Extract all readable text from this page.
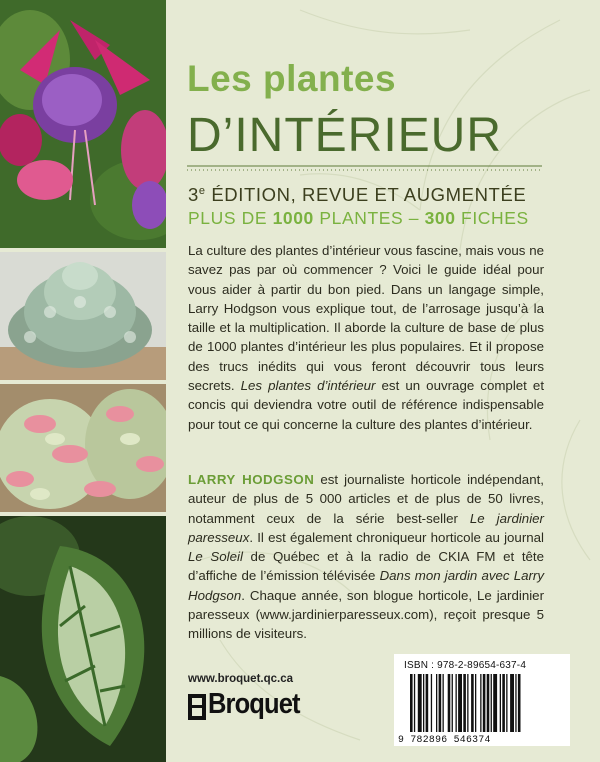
Les plantes
D’INTÉRIEUR
3e ÉDITION, REVUE ET AUGMENTÉE
PLUS DE 1000 PLANTES – 300 FICHES
La culture des plantes d’intérieur vous fascine, mais vous ne savez pas par où commencer ? Voici le guide idéal pour vous aider à partir du bon pied. Dans un langage simple, Larry Hodgson vous explique tout, de l’arrosage jusqu’à la taille et la multiplication. Il aborde la culture de base de plus de 1000 plantes d’intérieur les plus populaires. Et il propose des trucs inédits qui vous feront découvrir tous leurs secrets. Les plantes d’intérieur est un ouvrage complet et concis qui deviendra votre outil de référence indispensable pour tout ce qui concerne la culture des plantes d’intérieur.
LARRY HODGSON est journaliste horticole indépendant, auteur de plus de 5 000 articles et de plus de 50 livres, notamment ceux de la série best-seller Le jardinier paresseux. Il est également chroniqueur horticole au journal Le Soleil de Québec et à la radio de CKIA FM et tête d’affiche de l’émission télévisée Dans mon jardin avec Larry Hodgson. Chaque année, son blogue horticole, Le jardinier paresseux (www.jardinierparesseux.com), reçoit presque 5 millions de visiteurs.
www.broquet.qc.ca
Broquet
ISBN : 978-2-89654-637-4
9 782896 546374
